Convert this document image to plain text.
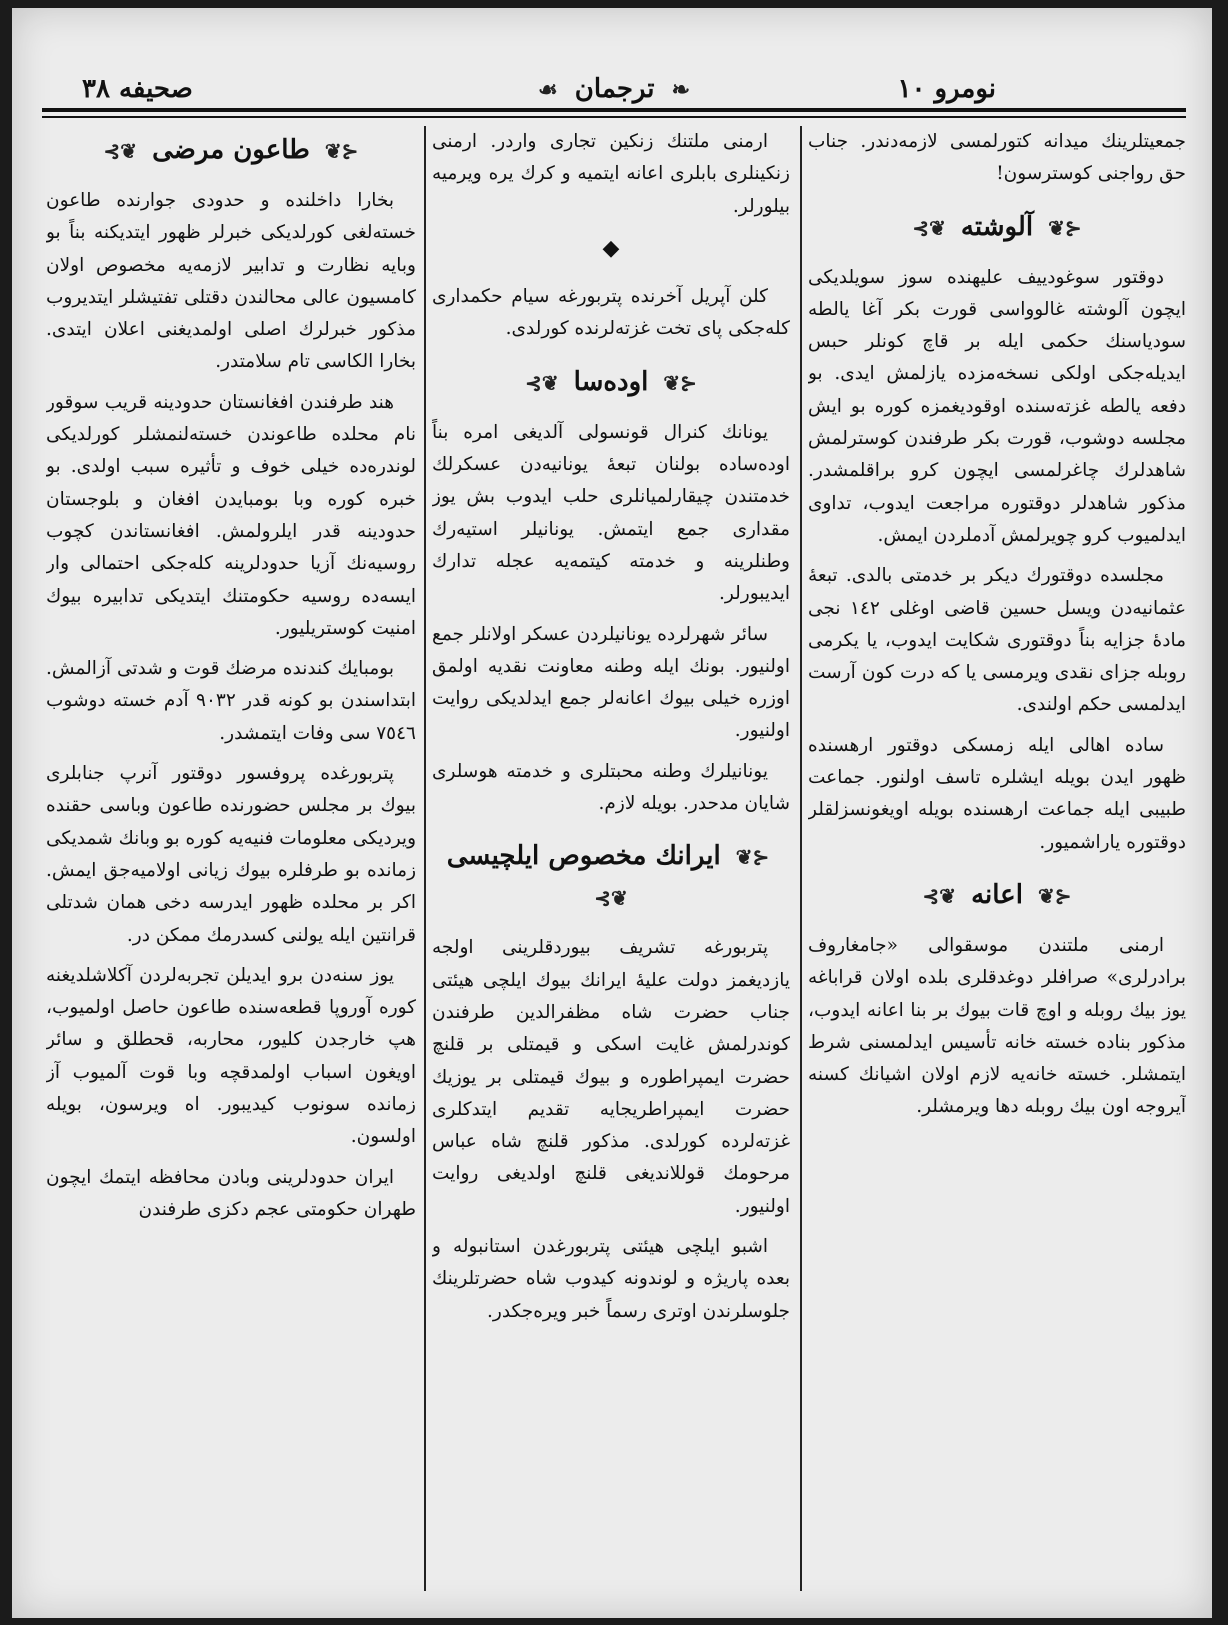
نومرو ١٠
❧ ترجمان ☙
صحیفه ٣٨

جمعیتلرینك میدانه كتورلمسی لازمه‌دندر. جناب حق رواجنی كوسترسون!

⊰❦ آلوشته ❦⊱

دوقتور سوغودییف علیهنده سوز سویلدیكی ایچون آلوشته غالوواسی قورت بكر آغا یالطه سودیاسنك حكمی ایله بر قاچ كونلر حبس ایدیله‌جكی اولكی نسخه‌مزده یازلمش ایدی. بو دفعه یالطه غزته‌سنده اوقودیغمزه كوره بو ایش مجلسه دوشوب، قورت بكر طرفندن كوسترلمش شاهدلرك چاغرلمسی ایچون كرو براقلمشدر. مذكور شاهدلر دوقتوره مراجعت ایدوب، تداوی ایدلمیوب كرو چویرلمش آدملردن ایمش.

مجلسده دوقتورك دیكر بر خدمتی بالدی. تبعهٔ عثمانیه‌دن ویسل حسین قاضی اوغلی ١٤٢ نجی مادهٔ جزایه بناً دوقتوری شكایت ایدوب، یا یكرمی روبله جزای نقدی ویرمسی یا كه درت كون آرست ایدلمسی حكم اولندی.

ساده اهالی ایله زمسكی دوقتور ارهسنده ظهور ایدن بویله ایشلره تاسف اولنور. جماعت طبیبی ایله جماعت ارهسنده بویله اویغونسزلقلر دوقتوره یاراشمیور.

⊰❦ اعانه ❦⊱

ارمنی ملتندن موسقوالی «جامغاروف برادرلری» صرافلر دوغدقلری بلده اولان قراباغه یوز بیك روبله و اوچ قات بیوك بر بنا اعانه ایدوب، مذكور بناده خسته خانه تأسیس ایدلمسنی شرط ایتمشلر. خسته خانه‌یه لازم اولان اشیانك كسنه آیروجه اون بیك روبله دها ویرمشلر.

ارمنی ملتنك زنكین تجاری واردر. ارمنی زنكینلری بابلری اعانه ایتمیه و كرك یره ویرمیه بیلورلر.

◆

كلن آپریل آخرنده پتربورغه سیام حكمداری كله‌جكی پای تخت غزته‌لرنده كورلدی.

⊰❦ اوده‌سا ❦⊱

یونانك كنرال قونسولی آلدیغی امره بناً اوده‌ساده بولنان تبعهٔ یونانیه‌دن عسكرلك خدمتندن چیقارلمیانلری حلب ایدوب بش یوز مقداری جمع ایتمش. یونانیلر استیه‌رك وطنلرینه و خدمته كیتمه‌یه عجله تدارك ایدیبورلر.

سائر شهرلرده یونانیلردن عسكر اولانلر جمع اولنیور. بونك ایله وطنه معاونت نقدیه اولمق اوزره خیلی بیوك اعانه‌لر جمع ایدلدیكی روایت اولنیور.

یونانیلرك وطنه محبتلری و خدمته هوسلری شایان مدحدر. بویله لازم.

⊰❦ ایرانك مخصوص ایلچیسی ❦⊱

پتربورغه تشریف بیوردقلرینی اولجه یازدیغمز دولت علیهٔ ایرانك بیوك ایلچی هیئتی جناب حضرت شاه مظفرالدین طرفندن كوندرلمش غایت اسكی و قیمتلی بر قلنچ حضرت ایمپراطوره و بیوك قیمتلی بر یوزیك حضرت ایمپراطریجایه تقدیم ایتدكلری غزته‌لرده كورلدی. مذكور قلنچ شاه عباس مرحومك قوللاندیغی قلنچ اولدیغی روایت اولنیور.

اشبو ایلچی هیئتی پتربورغدن استانبوله و بعده پاریژه و لوندونه كیدوب شاه حضرتلرینك جلوسلرندن اوتری رسماً خبر ویره‌جكدر.

⊰❦ طاعون مرضی ❦⊱

بخارا داخلنده و حدودی جوارنده طاعون خسته‌لغی كورلدیكی خبرلر ظهور ایتدیكنه بناً بو وبایه نظارت و تدابیر لازمه‌یه مخصوص اولان كامسیون عالی محالندن دقتلی تفتیشلر ایتدیروب مذكور خبرلرك اصلی اولمدیغنی اعلان ایتدی. بخارا الكاسی تام سلامتدر.

هند طرفندن افغانستان حدودینه قریب سوقور نام محلده طاعوندن خسته‌لنمشلر كورلدیكی لوندره‌ده خیلی خوف و تأثیره سبب اولدی. بو خبره كوره وبا بومبایدن افغان و بلوجستان حدودینه قدر ایلرولمش. افغانستاندن كچوب روسیه‌نك آزیا حدودلرینه كله‌جكی احتمالی وار ایسه‌ده روسیه حكومتنك ایتدیكی تدابیره بیوك امنیت كوستریلیور.

بومبایك كندنده مرضك قوت و شدتی آزالمش. ابتداسندن بو كونه قدر ٩٠٣٢ آدم خسته دوشوب ٧٥٤٦ سی وفات ایتمشدر.

پتربورغده پروفسور دوقتور آنرپ جنابلری بیوك بر مجلس حضورنده طاعون وباسی حقنده ویردیكی معلومات فنیه‌یه كوره بو وبانك شمدیكی زمانده بو طرفلره بیوك زیانی اولامیه‌جق ایمش. اكر بر محلده ظهور ایدرسه دخی همان شدتلی قرانتین ایله یولنی كسدرمك ممكن در.

یوز سنه‌دن برو ایدیلن تجربه‌لردن آكلاشلدیغنه كوره آوروپا قطعه‌سنده طاعون حاصل اولمیوب، هپ خارجدن كلیور، محاربه، قحطلق و سائر اویغون اسباب اولمدقچه وبا قوت آلمیوب آز زمانده سونوب كیدیبور. اه ویرسون، بویله اولسون.

ایران حدودلرینی وبادن محافظه ایتمك ایچون طهران حكومتی عجم دكزی طرفندن
